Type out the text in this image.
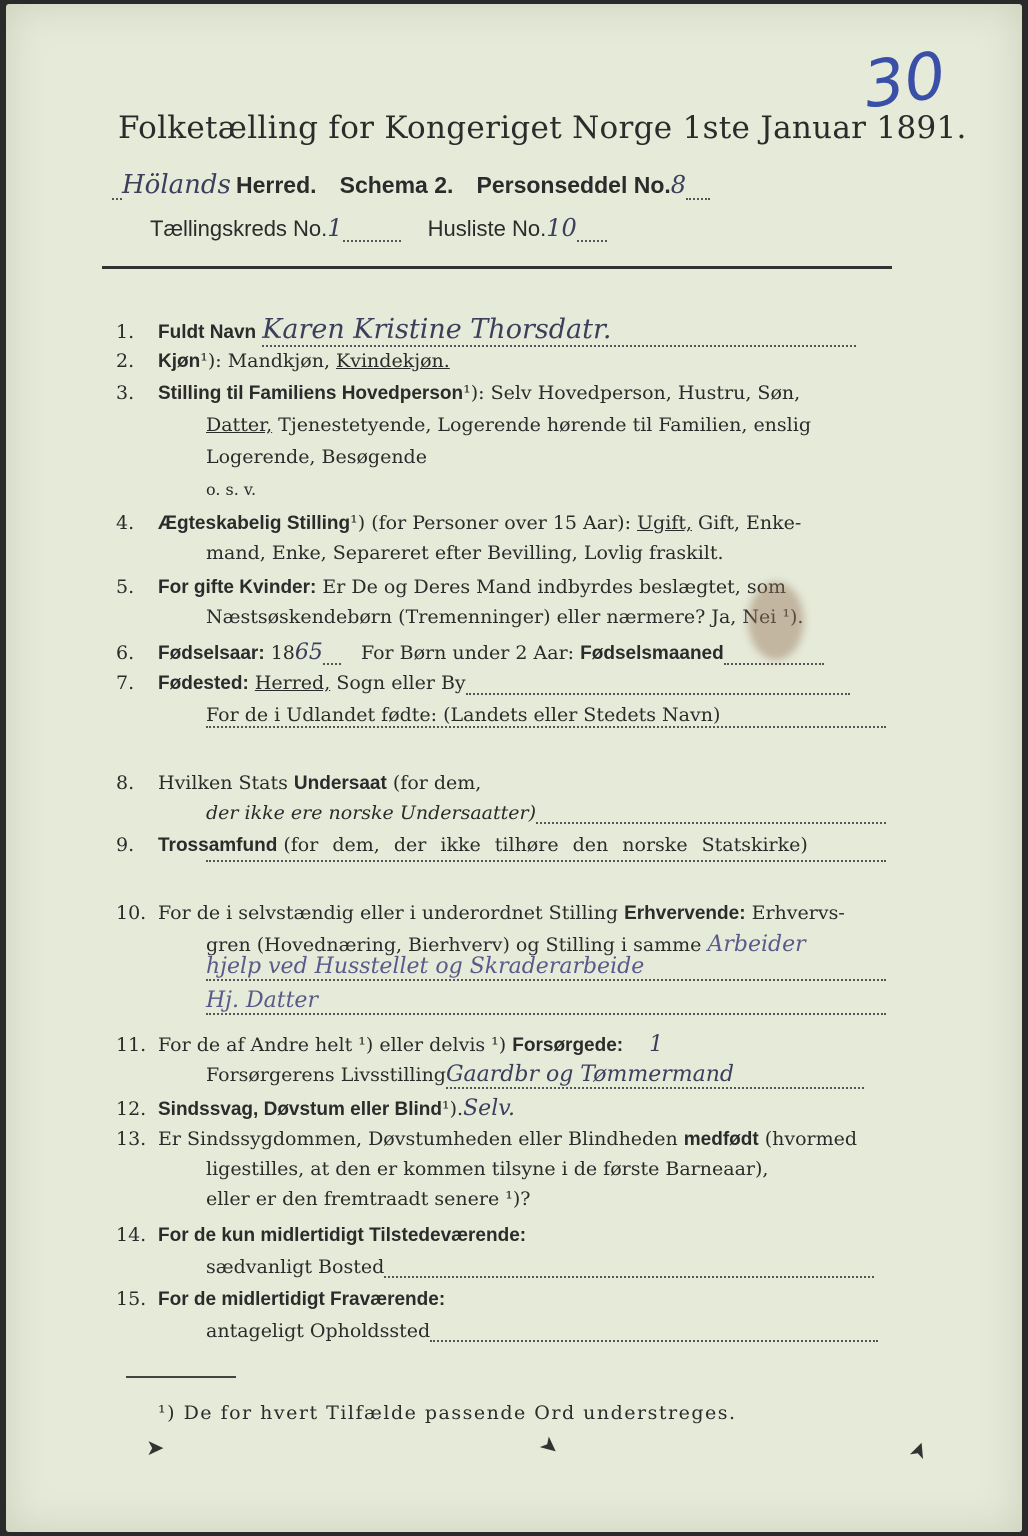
30
Folketælling for Kongeriget Norge 1ste Januar 1891.
Hölands Herred. Schema 2. Personseddel No.8
Tællingskreds No.1	Husliste No.10
1. Fuldt Navn Karen Kristine Thorsdatr.
2. Kjøn¹): Mandkjøn, Kvindekjøn.
3. Stilling til Familiens Hovedperson¹): Selv Hovedperson, Hustru, Søn,
Datter, Tjenestetyende, Logerende hørende til Familien, enslig
Logerende, Besøgende
o. s. v.
4. Ægteskabelig Stilling¹) (for Personer over 15 Aar): Ugift, Gift, Enke-
mand, Enke, Separeret efter Bevilling, Lovlig fraskilt.
5. For gifte Kvinder: Er De og Deres Mand indbyrdes beslægtet, som
Næstsøskendebørn (Tremenninger) eller nærmere? Ja, Nei ¹).
6. Fødselsaar: 1865 For Børn under 2 Aar: Fødselsmaaned
7. Fødested: Herred, Sogn eller By
For de i Udlandet fødte: (Landets eller Stedets Navn)
8. Hvilken Stats Undersaat (for dem,
der ikke ere norske Undersaatter)
9. Trossamfund (for dem, der ikke tilhøre den norske Statskirke)
10. For de i selvstændig eller i underordnet Stilling Erhvervende: Erhvervs-
gren (Hovednæring, Bierhverv) og Stilling i samme Arbeider
hjelp ved Husstellet og Skraderarbeide
Hj. Datter
11. For de af Andre helt ¹) eller delvis ¹) Forsørgede: 1
Forsørgerens LivsstillingGaardbr og Tømmermand
12. Sindssvag, Døvstum eller Blind¹).Selv.
13. Er Sindssygdommen, Døvstumheden eller Blindheden medfødt (hvormed
ligestilles, at den er kommen tilsyne i de første Barneaar),
eller er den fremtraadt senere ¹)?
14. For de kun midlertidigt Tilstedeværende:
sædvanligt Bosted
15. For de midlertidigt Fraværende:
antageligt Opholdssted
¹) De for hvert Tilfælde passende Ord understreges.
➤	➤	➤
